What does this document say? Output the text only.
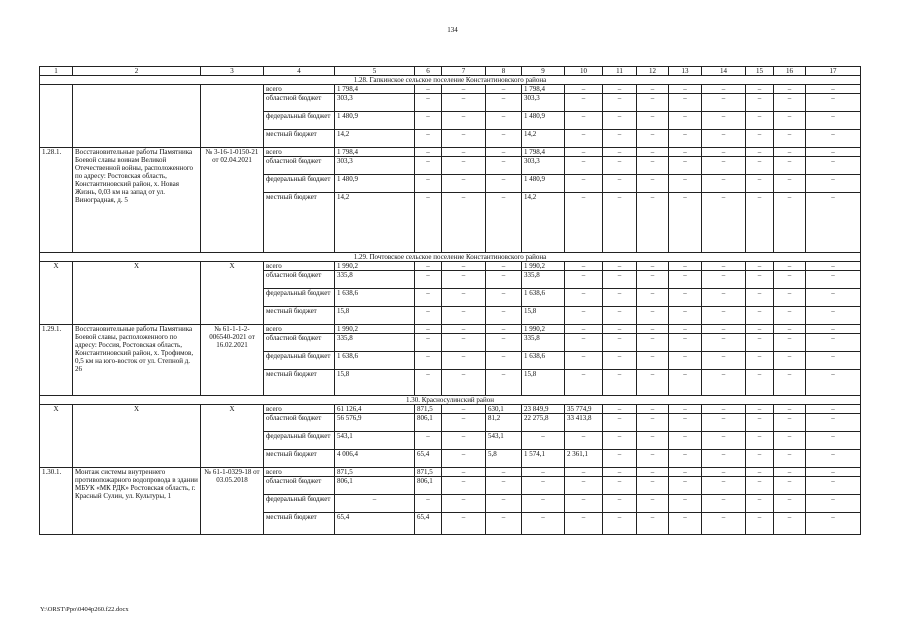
134
1	2	3	4	5	6	7	8	9	10	11	12	13	14	15	16	17
1.28. Гапкинское сельское поселение Константиновского района																
			всего	1 798,4	–	–	–	1 798,4	–	–	–	–	–	–	–	–
			областной бюджет	303,3	–	–	–	303,3	–	–	–	–	–	–	–	–
			федеральный бюджет	1 480,9	–	–	–	1 480,9	–	–	–	–	–	–	–	–
			местный бюджет	14,2	–	–	–	14,2	–	–	–	–	–	–	–	–
1.28.1.	Восстановительные работы Памятника Боевой славы воинам Великой Отечественной войны, расположенного по адресу: Ростовская область, Константиновский район, х. Новая Жизнь, 0,03 км на запад от ул. Виноградная, д. 5	№ 3-16-1-0150-21 от 02.04.2021	всего	1 798,4	–	–	–	1 798,4	–	–	–	–	–	–	–	–
			областной бюджет	303,3	–	–	–	303,3	–	–	–	–	–	–	–	–
			федеральный бюджет	1 480,9	–	–	–	1 480,9	–	–	–	–	–	–	–	–
			местный бюджет	14,2	–	–	–	14,2	–	–	–	–	–	–	–	–
1.29. Почтовское сельское поселение Константиновского района																
Х	Х	Х	всего	1 990,2	–	–	–	1 990,2	–	–	–	–	–	–	–	–
			областной бюджет	335,8	–	–	–	335,8	–	–	–	–	–	–	–	–
			федеральный бюджет	1 638,6	–	–	–	1 638,6	–	–	–	–	–	–	–	–
			местный бюджет	15,8	–	–	–	15,8	–	–	–	–	–	–	–	–
1.29.1.	Восстановительные работы Памятника Боевой славы, расположенного по адресу: Россия, Ростовская область, Константиновский район, х. Трофимов, 0,5 км на юго-восток от ул. Степной д. 26	№ 61-1-1-2-006540-2021 от 16.02.2021	всего	1 990,2	–	–	–	1 990,2	–	–	–	–	–	–	–	–
			областной бюджет	335,8	–	–	–	335,8	–	–	–	–	–	–	–	–
			федеральный бюджет	1 638,6	–	–	–	1 638,6	–	–	–	–	–	–	–	–
			местный бюджет	15,8	–	–	–	15,8	–	–	–	–	–	–	–	–
1.30. Красносулинский район																
Х	Х	Х	всего	61 126,4	871,5	–	630,1	23 849,9	35 774,9	–	–	–	–	–	–	–
			областной бюджет	56 576,9	806,1	–	81,2	22 275,8	33 413,8	–	–	–	–	–	–	–
			федеральный бюджет	543,1	–	–	543,1	–	–	–	–	–	–	–	–	–
			местный бюджет	4 006,4	65,4	–	5,8	1 574,1	2 361,1	–	–	–	–	–	–	–
1.30.1.	Монтаж системы внутреннего противопожарного водопровода в здании МБУК «МК РДК» Ростовская область, г. Красный Сулин, ул. Культуры, 1	№ 61-1-0329-18 от 03.05.2018	всего	871,5	871,5	–	–	–	–	–	–	–	–	–	–	–
			областной бюджет	806,1	806,1	–	–	–	–	–	–	–	–	–	–	–
			федеральный бюджет	–	–	–	–	–	–	–	–	–	–	–	–	–
			местный бюджет	65,4	65,4	–	–	–	–	–	–	–	–	–	–	–
Y:\ORST\Ppo\0404p260.f22.docx
